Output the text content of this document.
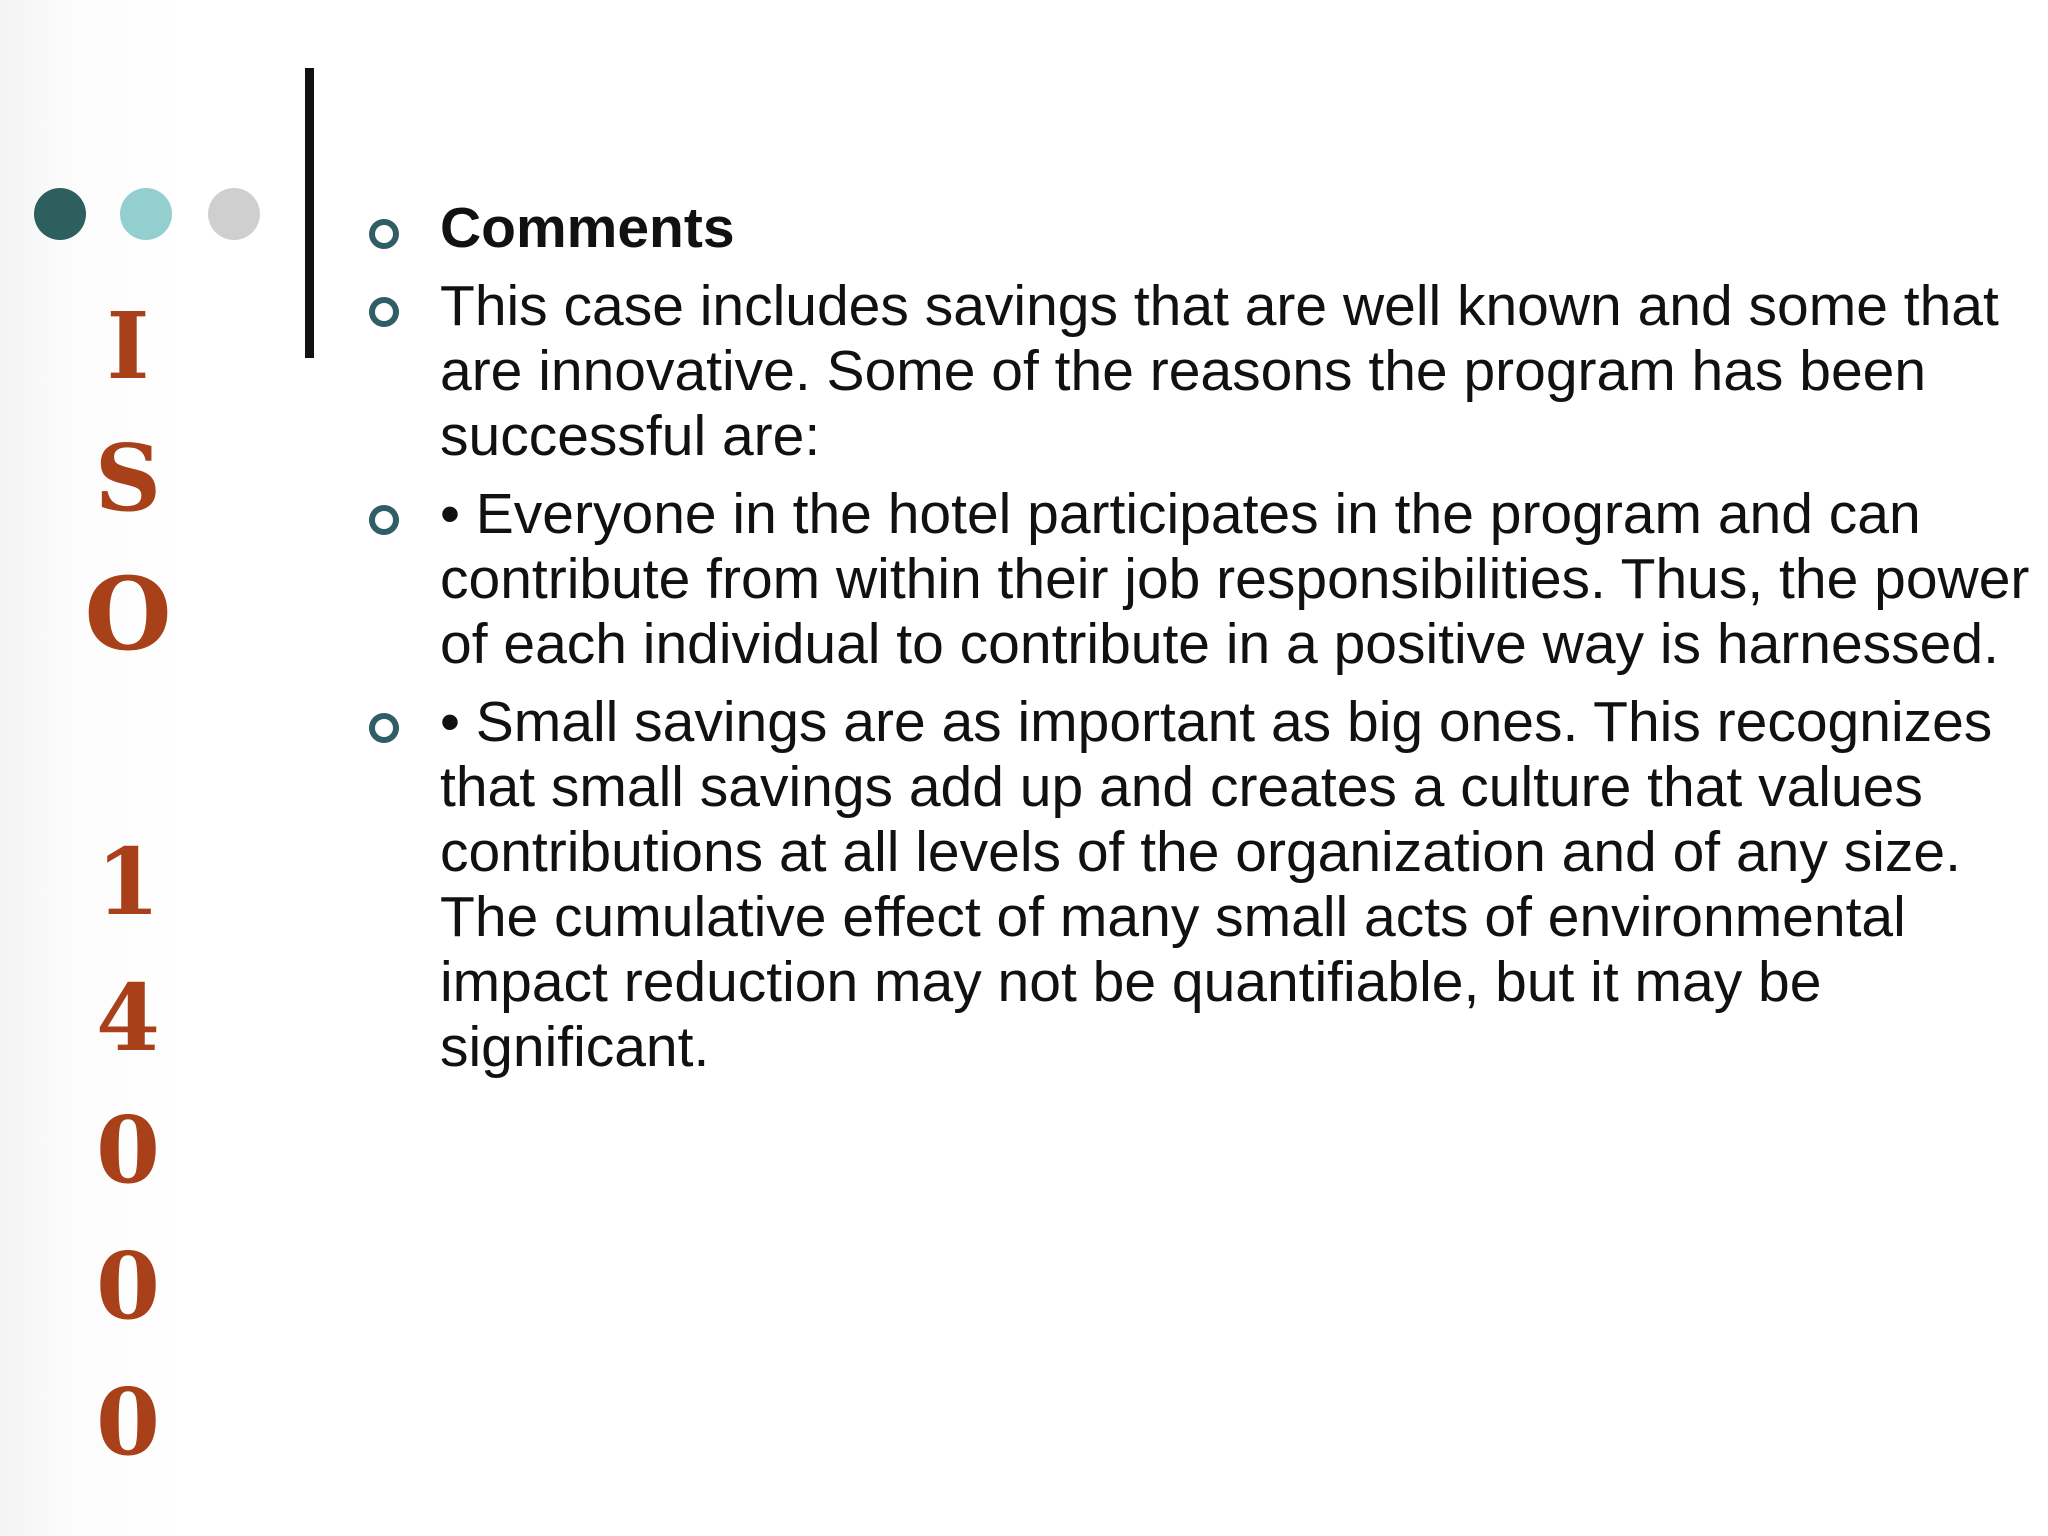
I I
S S
O O
1 1
4 4
0 0
0 0
0 0
Comments
This case includes savings that are well known and some that are innovative. Some of the reasons the program has been successful are:
• Everyone in the hotel participates in the program and can contribute from within their job responsibilities. Thus, the power of each individual to contribute in a positive way is harnessed.
• Small savings are as important as big ones. This recognizes that small savings add up and creates a culture that values contributions at all levels of the organization and of any size. The cumulative effect of many small acts of environmental impact reduction may not be quantifiable, but it may be significant.
